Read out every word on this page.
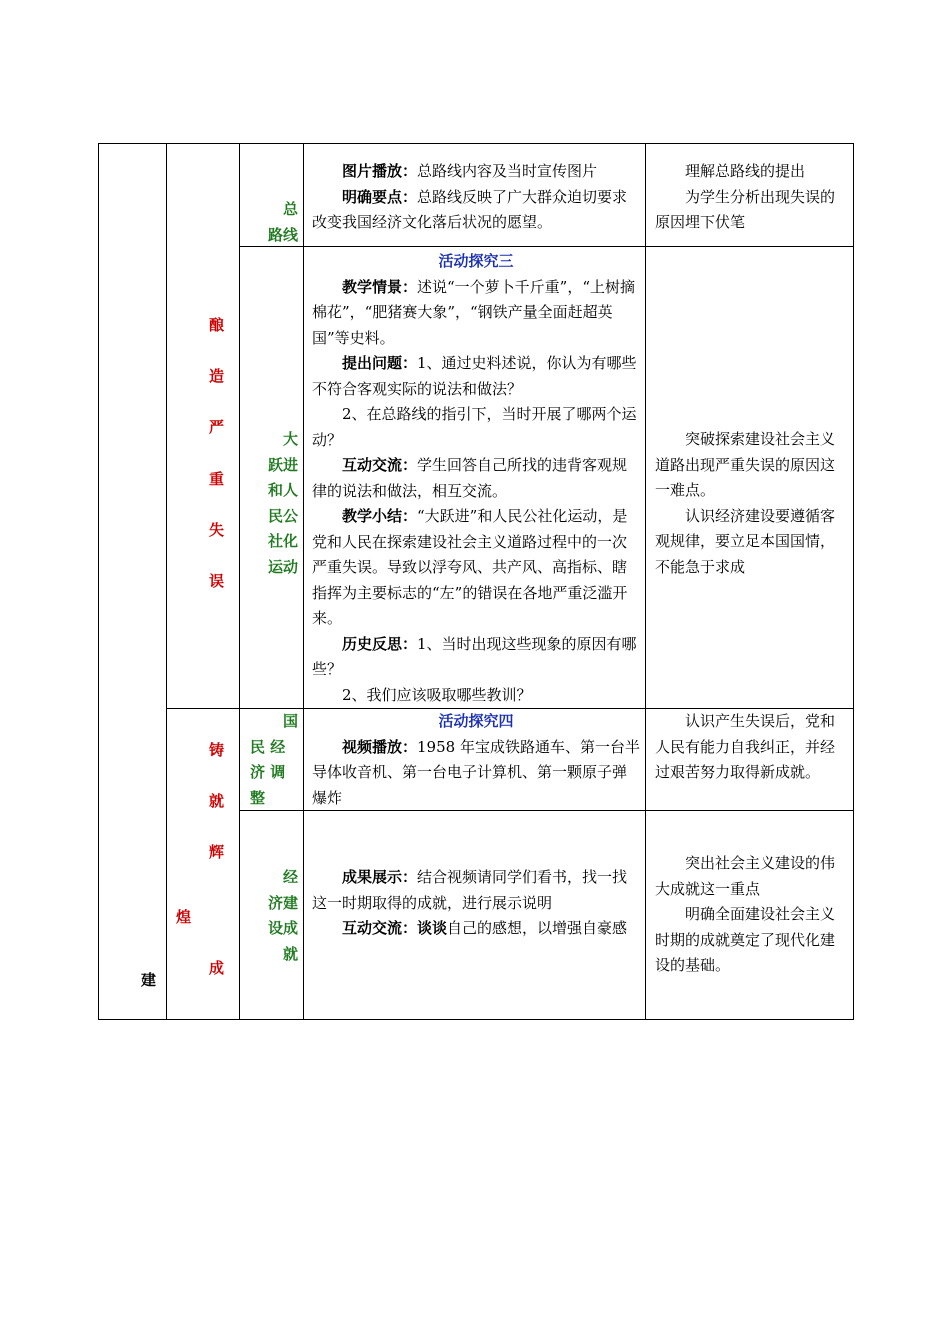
建
酿
造
严
重
失
误
铸
就
辉
煌
成
总
路线

图片播放：总路线内容及当时宣传图片

明确要点：总路线反映了广大群众迫切要求改变我国经济文化落后状况的愿望。

理解总路线的提出

为学生分析出现失误的原因埋下伏笔

大
跃进
和人
民公
社化
运动

活动探究三

教学情景：述说“一个萝卜千斤重”，“上树摘棉花”，“肥猪赛大象”，“钢铁产量全面赶超英国”等史料。

提出问题：1、通过史料述说，你认为有哪些不符合客观实际的说法和做法？

2、在总路线的指引下，当时开展了哪两个运动？

互动交流：学生回答自己所找的违背客观规律的说法和做法，相互交流。

教学小结：“大跃进”和人民公社化运动，是党和人民在探索建设社会主义道路过程中的一次严重失误。导致以浮夸风、共产风、高指标、瞎指挥为主要标志的“左”的错误在各地严重泛滥开来。

历史反思：1、当时出现这些现象的原因有哪些？

2、我们应该吸取哪些教训？

突破探索建设社会主义道路出现严重失误的原因这一难点。

认识经济建设要遵循客观规律，要立足本国国情，不能急于求成

国
民 经
济 调
整

活动探究四

视频播放：1958 年宝成铁路通车、第一台半导体收音机、第一台电子计算机、第一颗原子弹爆炸

认识产生失误后，党和人民有能力自我纠正，并经过艰苦努力取得新成就。

经
济建
设成
就

成果展示：结合视频请同学们看书，找一找这一时期取得的成就，进行展示说明

互动交流：谈谈自己的感想，以增强自豪感

突出社会主义建设的伟大成就这一重点

明确全面建设社会主义时期的成就奠定了现代化建设的基础。
